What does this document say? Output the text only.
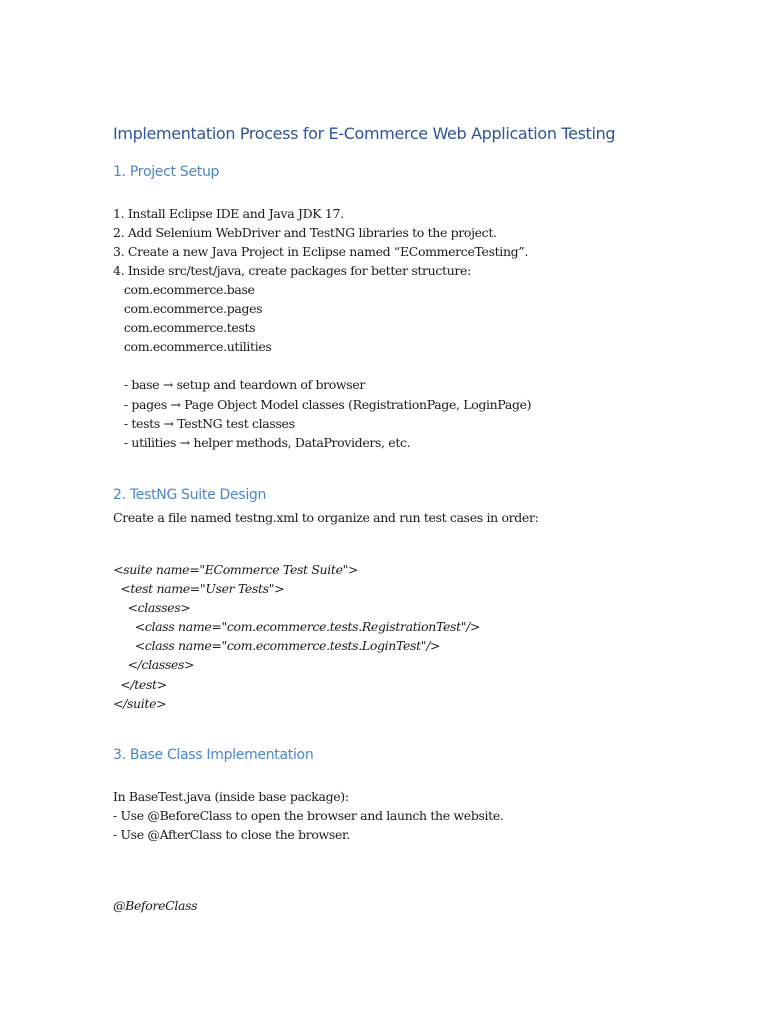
Implementation Process for E-Commerce Web Application Testing
1. Project Setup
1. Install Eclipse IDE and Java JDK 17.
2. Add Selenium WebDriver and TestNG libraries to the project.
3. Create a new Java Project in Eclipse named “ECommerceTesting”.
4. Inside src/test/java, create packages for better structure:
com.ecommerce.base
com.ecommerce.pages
com.ecommerce.tests
com.ecommerce.utilities
- base → setup and teardown of browser
- pages → Page Object Model classes (RegistrationPage, LoginPage)
- tests → TestNG test classes
- utilities → helper methods, DataProviders, etc.
2. TestNG Suite Design
Create a file named testng.xml to organize and run test cases in order:
<suite name="ECommerce Test Suite">
<test name="User Tests">
<classes>
<class name="com.ecommerce.tests.RegistrationTest"/>
<class name="com.ecommerce.tests.LoginTest"/>
</classes>
</test>
</suite>
3. Base Class Implementation
In BaseTest.java (inside base package):
- Use @BeforeClass to open the browser and launch the website.
- Use @AfterClass to close the browser.
@BeforeClass
